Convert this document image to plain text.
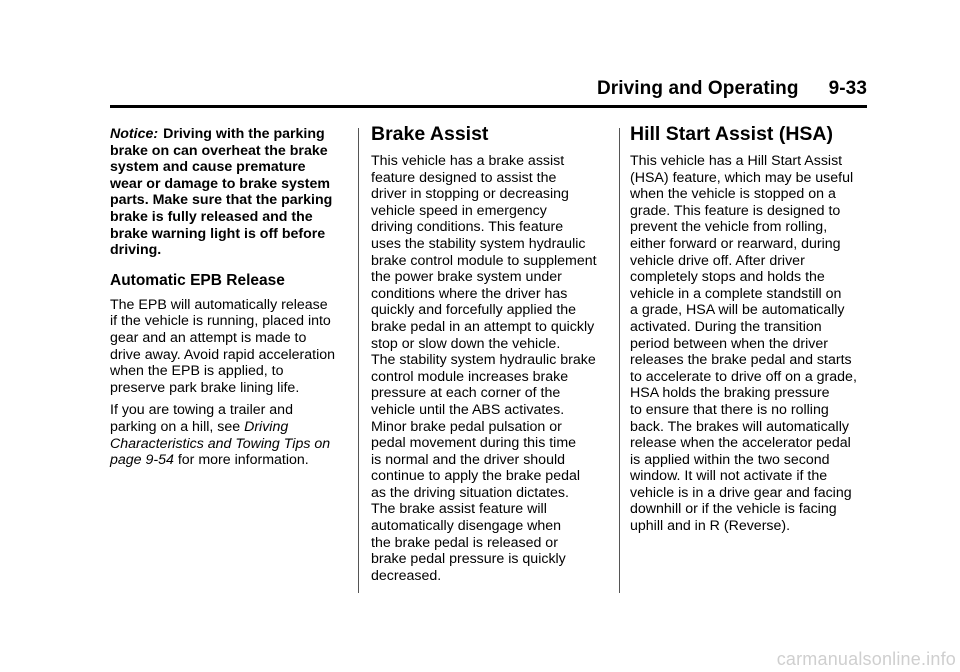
Driving and Operating 9-33

Notice: Driving with the parking
brake on can overheat the brake
system and cause premature
wear or damage to brake system
parts. Make sure that the parking
brake is fully released and the
brake warning light is off before
driving.

Automatic EPB Release

The EPB will automatically release
if the vehicle is running, placed into
gear and an attempt is made to
drive away. Avoid rapid acceleration
when the EPB is applied, to
preserve park brake lining life.

If you are towing a trailer and
parking on a hill, see Driving
Characteristics and Towing Tips on
page 9-54 for more information.

Brake Assist

This vehicle has a brake assist
feature designed to assist the
driver in stopping or decreasing
vehicle speed in emergency
driving conditions. This feature
uses the stability system hydraulic
brake control module to supplement
the power brake system under
conditions where the driver has
quickly and forcefully applied the
brake pedal in an attempt to quickly
stop or slow down the vehicle.
The stability system hydraulic brake
control module increases brake
pressure at each corner of the
vehicle until the ABS activates.
Minor brake pedal pulsation or
pedal movement during this time
is normal and the driver should
continue to apply the brake pedal
as the driving situation dictates.
The brake assist feature will
automatically disengage when
the brake pedal is released or
brake pedal pressure is quickly
decreased.

Hill Start Assist (HSA)

This vehicle has a Hill Start Assist
(HSA) feature, which may be useful
when the vehicle is stopped on a
grade. This feature is designed to
prevent the vehicle from rolling,
either forward or rearward, during
vehicle drive off. After driver
completely stops and holds the
vehicle in a complete standstill on
a grade, HSA will be automatically
activated. During the transition
period between when the driver
releases the brake pedal and starts
to accelerate to drive off on a grade,
HSA holds the braking pressure
to ensure that there is no rolling
back. The brakes will automatically
release when the accelerator pedal
is applied within the two second
window. It will not activate if the
vehicle is in a drive gear and facing
downhill or if the vehicle is facing
uphill and in R (Reverse).

carmanualsonline.info
